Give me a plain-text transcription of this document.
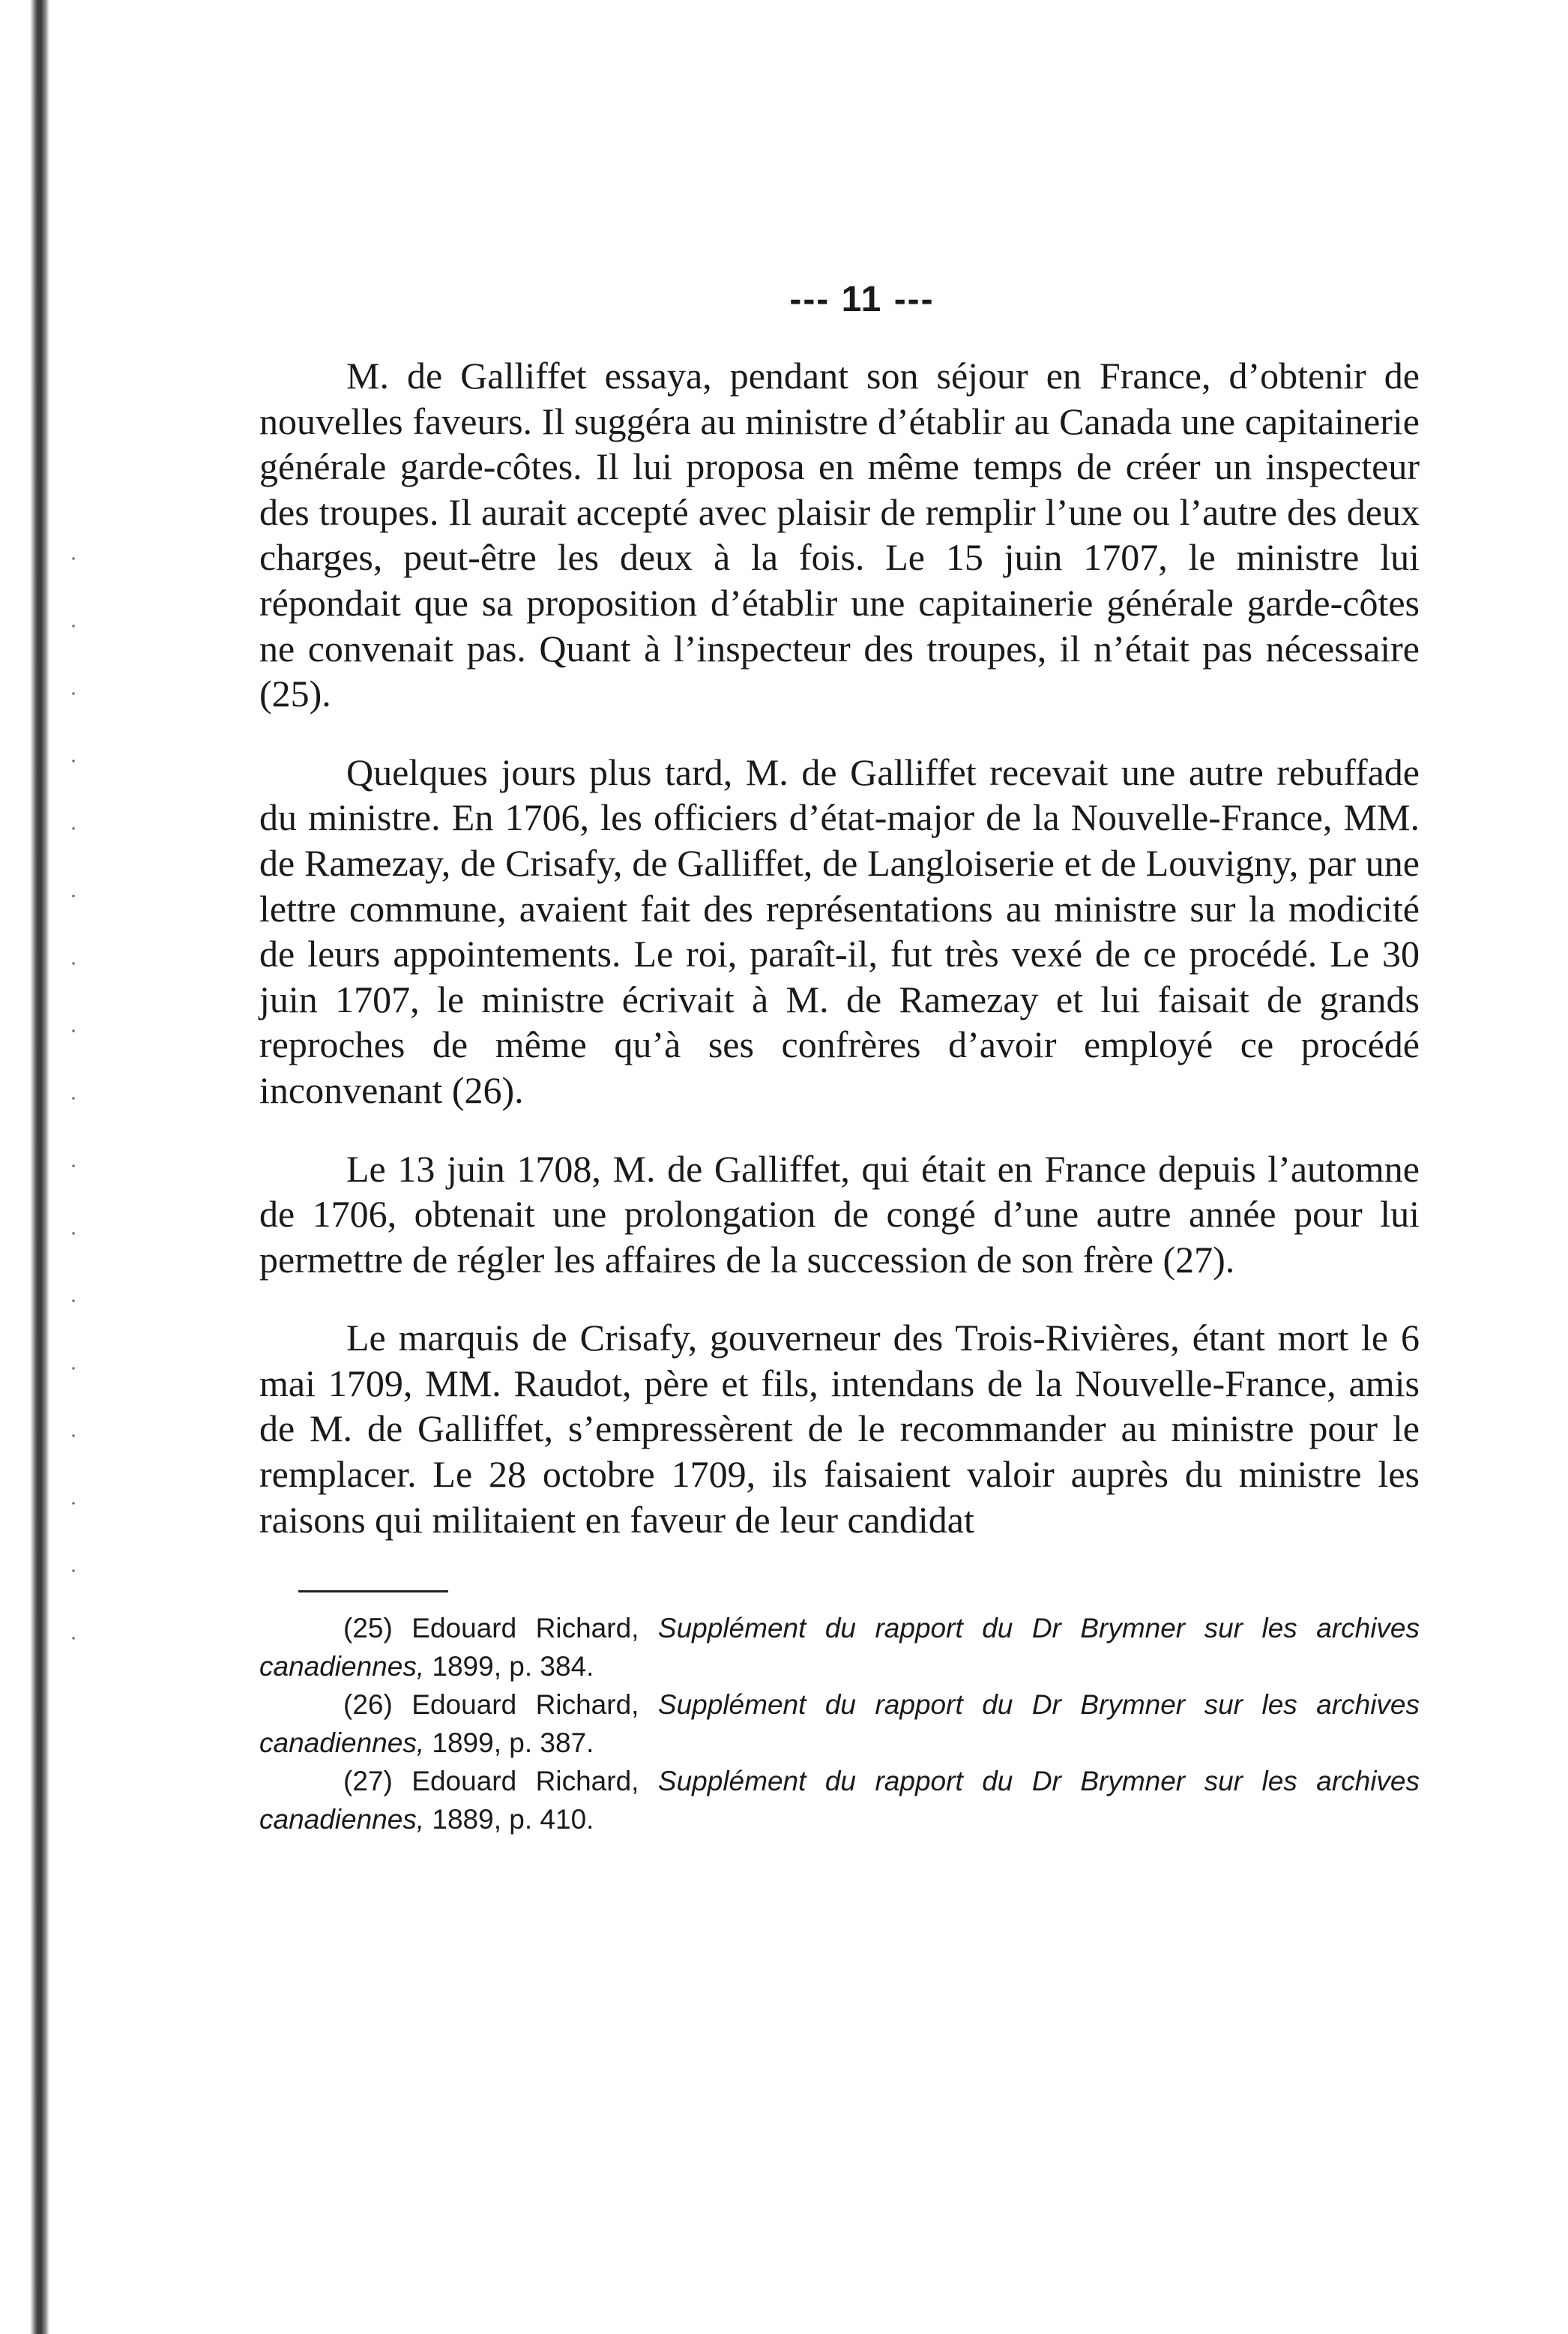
--- 11 ---

M. de Galliffet essaya, pendant son séjour en France, d’obtenir de nouvelles faveurs. Il suggéra au ministre d’établir au Canada une capitainerie générale garde-côtes. Il lui proposa en même temps de créer un inspecteur des troupes. Il aurait accepté avec plaisir de remplir l’une ou l’autre des deux charges, peut-être les deux à la fois. Le 15 juin 1707, le ministre lui répondait que sa proposition d’établir une capitainerie générale garde-côtes ne convenait pas. Quant à l’inspecteur des troupes, il n’était pas nécessaire (25).

Quelques jours plus tard, M. de Galliffet recevait une autre rebuffade du ministre. En 1706, les officiers d’état-major de la Nouvelle-France, MM. de Ramezay, de Crisafy, de Galliffet, de Langloiserie et de Louvigny, par une lettre commune, avaient fait des représentations au ministre sur la modicité de leurs appointements. Le roi, paraît-il, fut très vexé de ce procédé. Le 30 juin 1707, le ministre écrivait à M. de Ramezay et lui faisait de grands reproches de même qu’à ses confrères d’avoir employé ce procédé inconvenant (26).

Le 13 juin 1708, M. de Galliffet, qui était en France depuis l’automne de 1706, obtenait une prolongation de congé d’une autre année pour lui permettre de régler les affaires de la succession de son frère (27).

Le marquis de Crisafy, gouverneur des Trois-Rivières, étant mort le 6 mai 1709, MM. Raudot, père et fils, intendans de la Nouvelle-France, amis de M. de Galliffet, s’empressèrent de le recommander au ministre pour le remplacer. Le 28 octobre 1709, ils faisaient valoir auprès du ministre les raisons qui militaient en faveur de leur candidat

(25) Edouard Richard, Supplément du rapport du Dr Brymner sur les archives canadiennes, 1899, p. 384.

(26) Edouard Richard, Supplément du rapport du Dr Brymner sur les archives canadiennes, 1899, p. 387.

(27) Edouard Richard, Supplément du rapport du Dr Brymner sur les archives canadiennes, 1889, p. 410.
